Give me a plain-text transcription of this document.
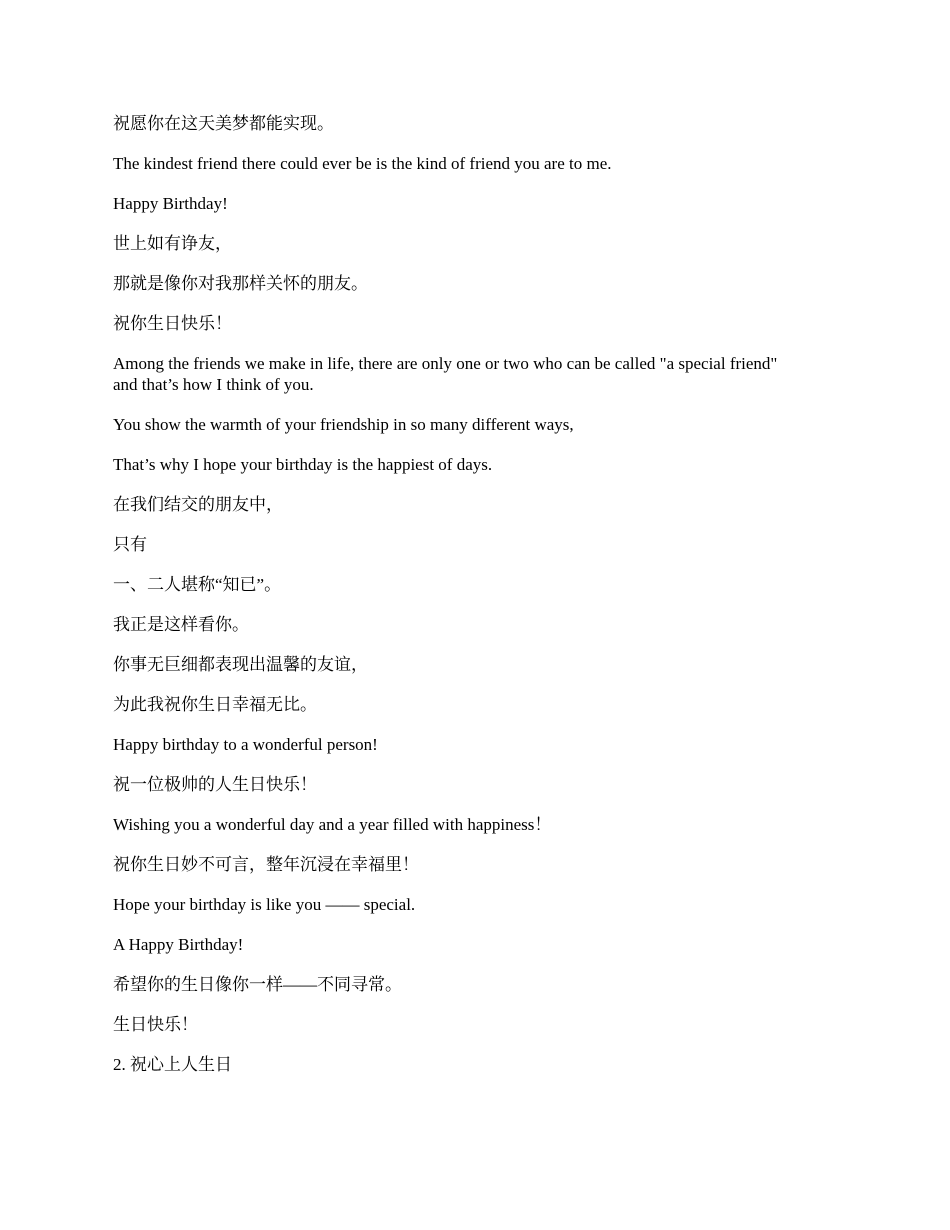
祝愿你在这天美梦都能实现。

The kindest friend there could ever be is the kind of friend you are to me.

Happy Birthday!

世上如有诤友，

那就是像你对我那样关怀的朋友。

祝你生日快乐！

Among the friends we make in life, there are only one or two who can be called "a special friend" and that’s how I think of you.

You show the warmth of your friendship in so many different ways,

That’s why I hope your birthday is the happiest of days.

在我们结交的朋友中，

只有

一、二人堪称“知已”。

我正是这样看你。

你事无巨细都表现出温馨的友谊，

为此我祝你生日幸福无比。

Happy birthday to a wonderful person!

祝一位极帅的人生日快乐！

Wishing you a wonderful day and a year filled with happiness！

祝你生日妙不可言，整年沉浸在幸福里！

Hope your birthday is like you —— special.

A Happy Birthday!

希望你的生日像你一样——不同寻常。

生日快乐！

2. 祝心上人生日
